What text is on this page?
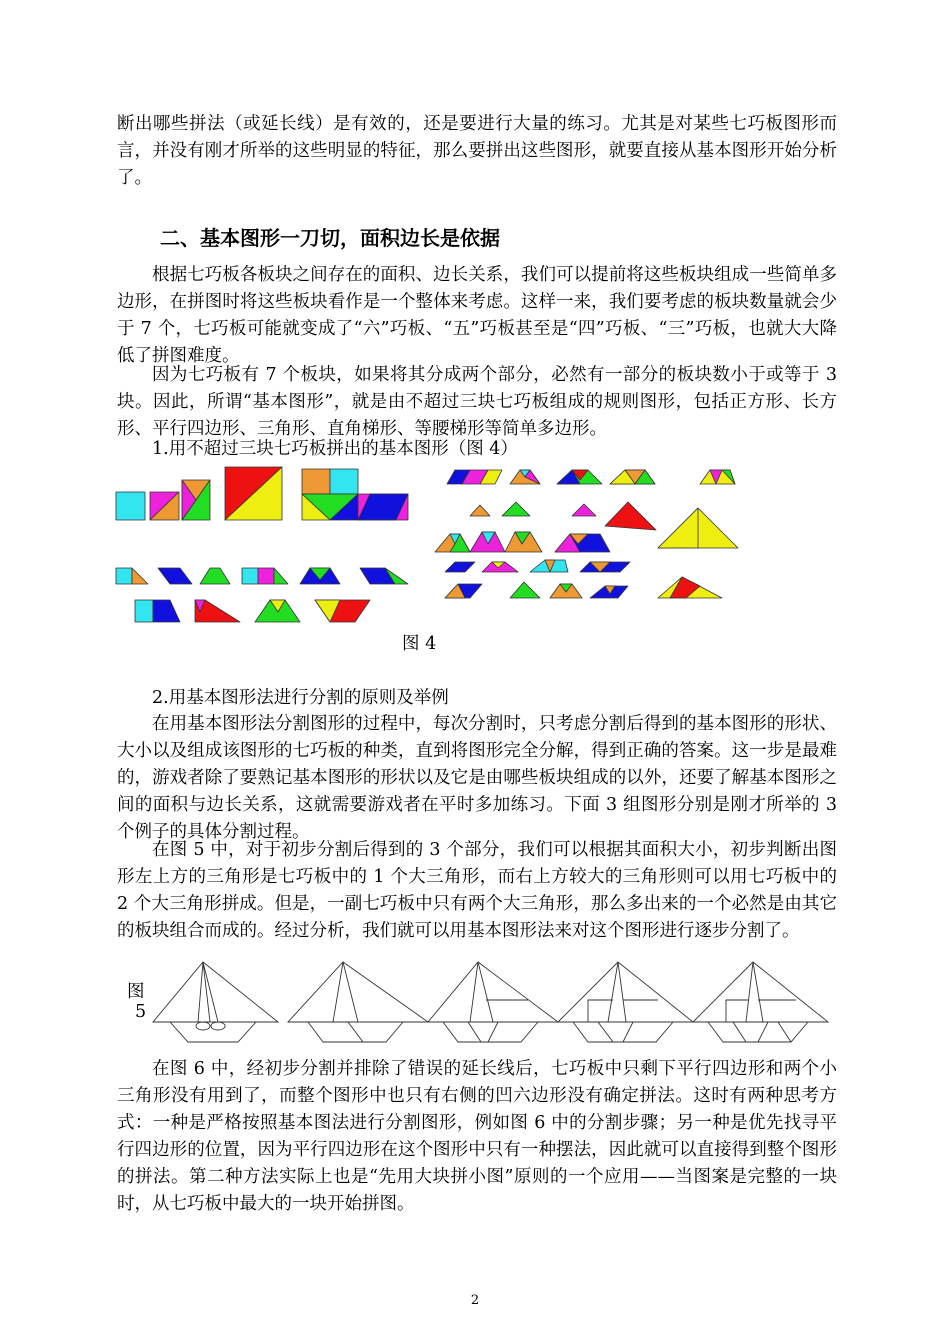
断出哪些拼法（或延长线）是有效的，还是要进行大量的练习。尤其是对某些七巧板图形而言，并没有刚才所举的这些明显的特征，那么要拼出这些图形，就要直接从基本图形开始分析了。

二、基本图形一刀切，面积边长是依据

根据七巧板各板块之间存在的面积、边长关系，我们可以提前将这些板块组成一些简单多边形，在拼图时将这些板块看作是一个整体来考虑。这样一来，我们要考虑的板块数量就会少于 7 个，七巧板可能就变成了“六”巧板、“五”巧板甚至是“四”巧板、“三”巧板，也就大大降低了拼图难度。

因为七巧板有 7 个板块，如果将其分成两个部分，必然有一部分的板块数小于或等于 3 块。因此，所谓“基本图形”，就是由不超过三块七巧板组成的规则图形，包括正方形、长方形、平行四边形、三角形、直角梯形、等腰梯形等简单多边形。

1.用不超过三块七巧板拼出的基本图形（图 4）

图 4

2.用基本图形法进行分割的原则及举例

在用基本图形法分割图形的过程中，每次分割时，只考虑分割后得到的基本图形的形状、大小以及组成该图形的七巧板的种类，直到将图形完全分解，得到正确的答案。这一步是最难的，游戏者除了要熟记基本图形的形状以及它是由哪些板块组成的以外，还要了解基本图形之间的面积与边长关系，这就需要游戏者在平时多加练习。下面 3 组图形分别是刚才所举的 3 个例子的具体分割过程。

在图 5 中，对于初步分割后得到的 3 个部分，我们可以根据其面积大小，初步判断出图形左上方的三角形是七巧板中的 1 个大三角形，而右上方较大的三角形则可以用七巧板中的 2 个大三角形拼成。但是，一副七巧板中只有两个大三角形，那么多出来的一个必然是由其它的板块组合而成的。经过分析，我们就可以用基本图形法来对这个图形进行逐步分割了。

图

5

在图 6 中，经初步分割并排除了错误的延长线后，七巧板中只剩下平行四边形和两个小三角形没有用到了，而整个图形中也只有右侧的凹六边形没有确定拼法。这时有两种思考方式：一种是严格按照基本图法进行分割图形，例如图 6 中的分割步骤；另一种是优先找寻平行四边形的位置，因为平行四边形在这个图形中只有一种摆法，因此就可以直接得到整个图形的拼法。第二种方法实际上也是“先用大块拼小图”原则的一个应用——当图案是完整的一块时，从七巧板中最大的一块开始拼图。

2
